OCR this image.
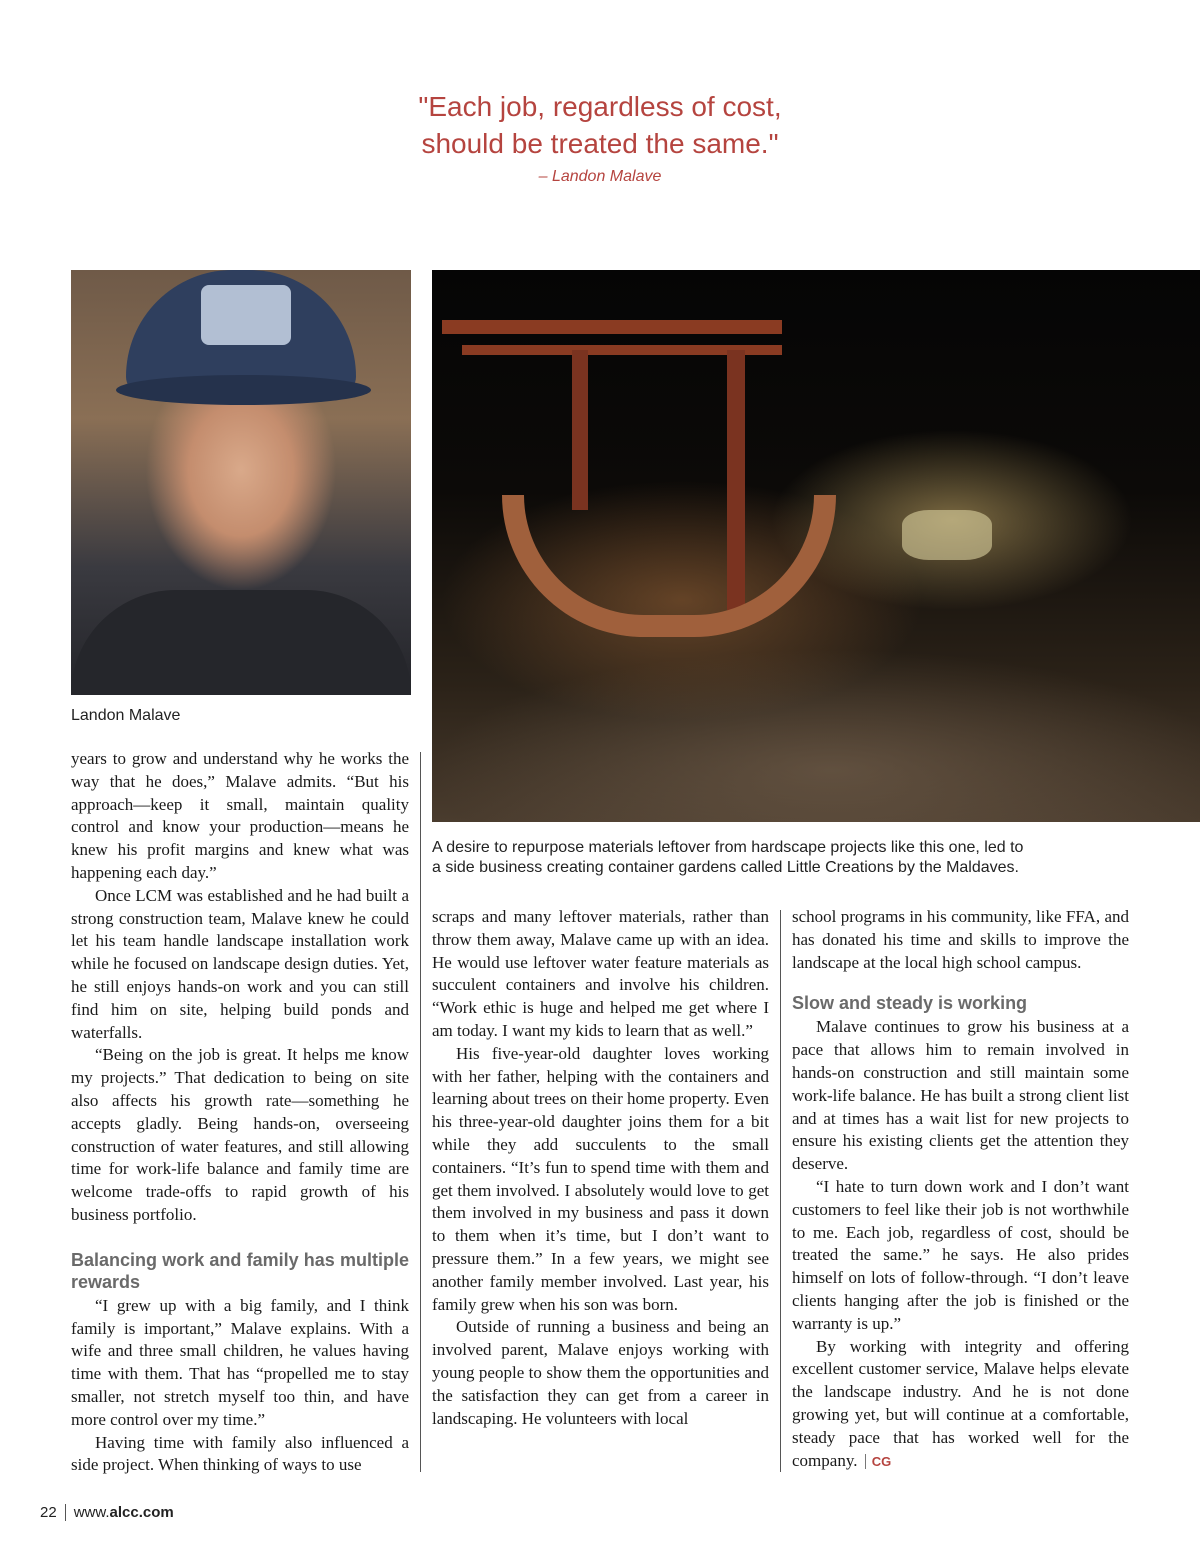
"Each job, regardless of cost,
should be treated the same."
– Landon Malave
Landon Malave
A desire to repurpose materials leftover from hardscape projects like this one, led to
a side business creating container gardens called Little Creations by the Maldaves.

years to grow and understand why he works the way that he does,” Malave admits. “But his approach—keep it small, maintain quality control and know your production—means he knew his profit margins and knew what was happening each day.”

Once LCM was established and he had built a strong construction team, Malave knew he could let his team handle landscape installation work while he focused on landscape design duties. Yet, he still enjoys hands-on work and you can still find him on site, helping build ponds and waterfalls.

“Being on the job is great. It helps me know my projects.” That dedication to being on site also affects his growth rate—something he accepts gladly. Being hands-on, overseeing construction of water features, and still allowing time for work-life balance and family time are welcome trade-offs to rapid growth of his business portfolio.

Balancing work and family has multiple rewards

“I grew up with a big family, and I think family is important,” Malave explains. With a wife and three small children, he values having time with them. That has “propelled me to stay smaller, not stretch myself too thin, and have more control over my time.”

Having time with family also influenced a side project. When thinking of ways to use

scraps and many leftover materials, rather than throw them away, Malave came up with an idea. He would use leftover water feature materials as succulent containers and involve his children. “Work ethic is huge and helped me get where I am today. I want my kids to learn that as well.”

His five-year-old daughter loves working with her father, helping with the containers and learning about trees on their home property. Even his three-year-old daughter joins them for a bit while they add succulents to the small containers. “It’s fun to spend time with them and get them involved. I absolutely would love to get them involved in my business and pass it down to them when it’s time, but I don’t want to pressure them.” In a few years, we might see another family member involved. Last year, his family grew when his son was born.

Outside of running a business and being an involved parent, Malave enjoys working with young people to show them the opportunities and the satisfaction they can get from a career in landscaping. He volunteers with local

school programs in his community, like FFA, and has donated his time and skills to improve the landscape at the local high school campus.

Slow and steady is working

Malave continues to grow his business at a pace that allows him to remain involved in hands-on construction and still maintain some work-life balance. He has built a strong client list and at times has a wait list for new projects to ensure his existing clients get the attention they deserve.

“I hate to turn down work and I don’t want customers to feel like their job is not worthwhile to me. Each job, regardless of cost, should be treated the same.” he says. He also prides himself on lots of follow-through. “I don’t leave clients hanging after the job is finished or the warranty is up.”

By working with integrity and offering excellent customer service, Malave helps elevate the landscape industry. And he is not done growing yet, but will continue at a comfortable, steady pace that has worked well for the company. CG

22 www.alcc.com
